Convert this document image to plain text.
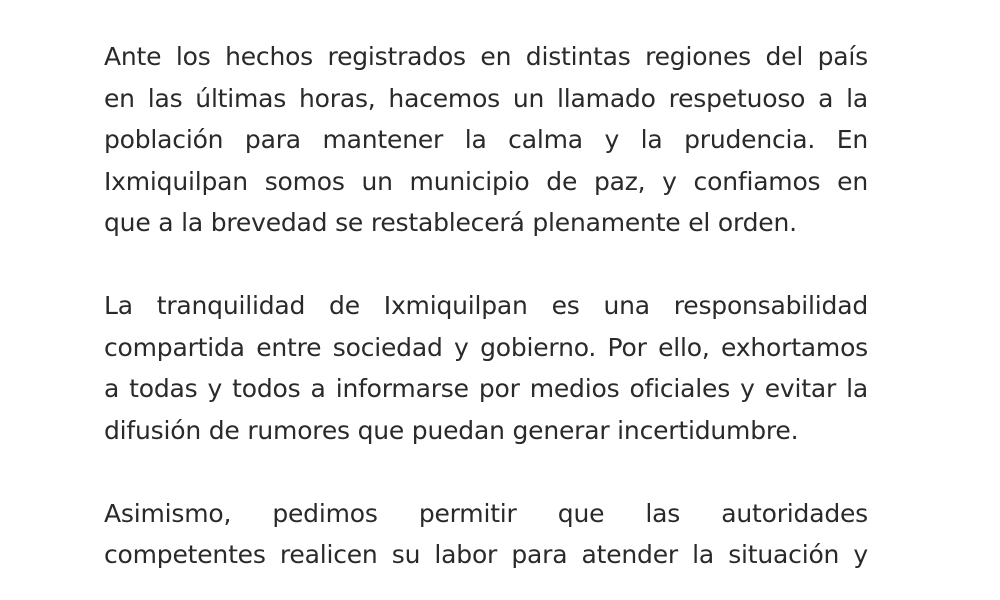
Ante los hechos registrados en distintas regiones del país
en las últimas horas, hacemos un llamado respetuoso a la
población para mantener la calma y la prudencia. En
Ixmiquilpan somos un municipio de paz, y confiamos en
que a la brevedad se restablecerá plenamente el orden.

La tranquilidad de Ixmiquilpan es una responsabilidad
compartida entre sociedad y gobierno. Por ello, exhortamos
a todas y todos a informarse por medios oficiales y evitar la
difusión de rumores que puedan generar incertidumbre.

Asimismo, pedimos permitir que las autoridades
competentes realicen su labor para atender la situación y
